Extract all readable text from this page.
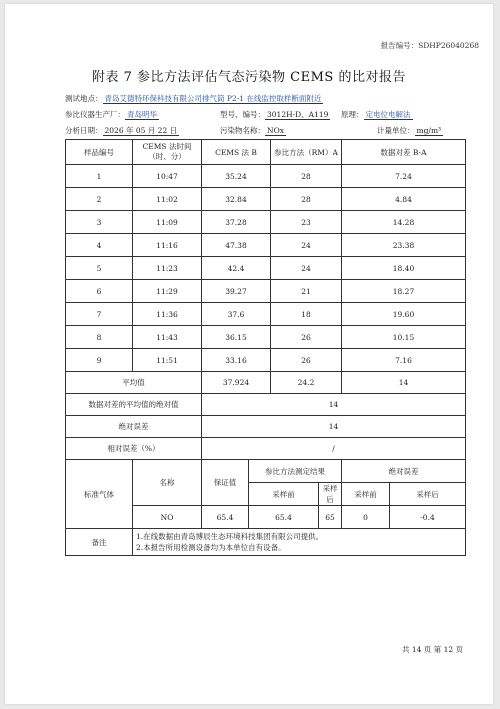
报告编号：SDHP26040268
附表 7 参比方法评估气态污染物 CEMS 的比对报告
测试地点： 青岛艾德特环保科技有限公司排气筒 P2-1 在线监控取样断面附近
参比仪器生产厂： 青岛明华	型号、编号： 3012H-D、A119 原理： 定电位电解法
分析日期： 2026 年 05 月 22 日	污染物名称： NOx	计量单位： mg/m³
样品编号	CEMS 法时间（时、分）	CEMS 法 B		参比方法（RM）A		数据对差 B-A	
1	10:47	35.24		28		7.24	
2	11:02	32.84		28		4.84	
3	11:09	37.28		23		14.28	
4	11:16	47.38		24		23.38	
5	11:23	42.4		24		18.40	
6	11:29	39.27		21		18.27	
7	11:36	37.6		18		19.60	
8	11:43	36.15		26		10.15	
9	11:51	33.16		26		7.16	
平均值		37.924		24.2		14	
数据对差的平均值的绝对值		14					
绝对误差		14					
相对误差（%）		/					
标准气体	名称	保证值	参比方法测定结果			绝对误差	
			采样前		采样后	采样前	采样后
	NO	65.4	65.4		65	0	-0.4
备注	1.在线数据由青岛博辰生态环境科技集团有限公司提供。
2.本报告所用检测设备均为本单位自有设备。						
共 14 页 第 12 页
